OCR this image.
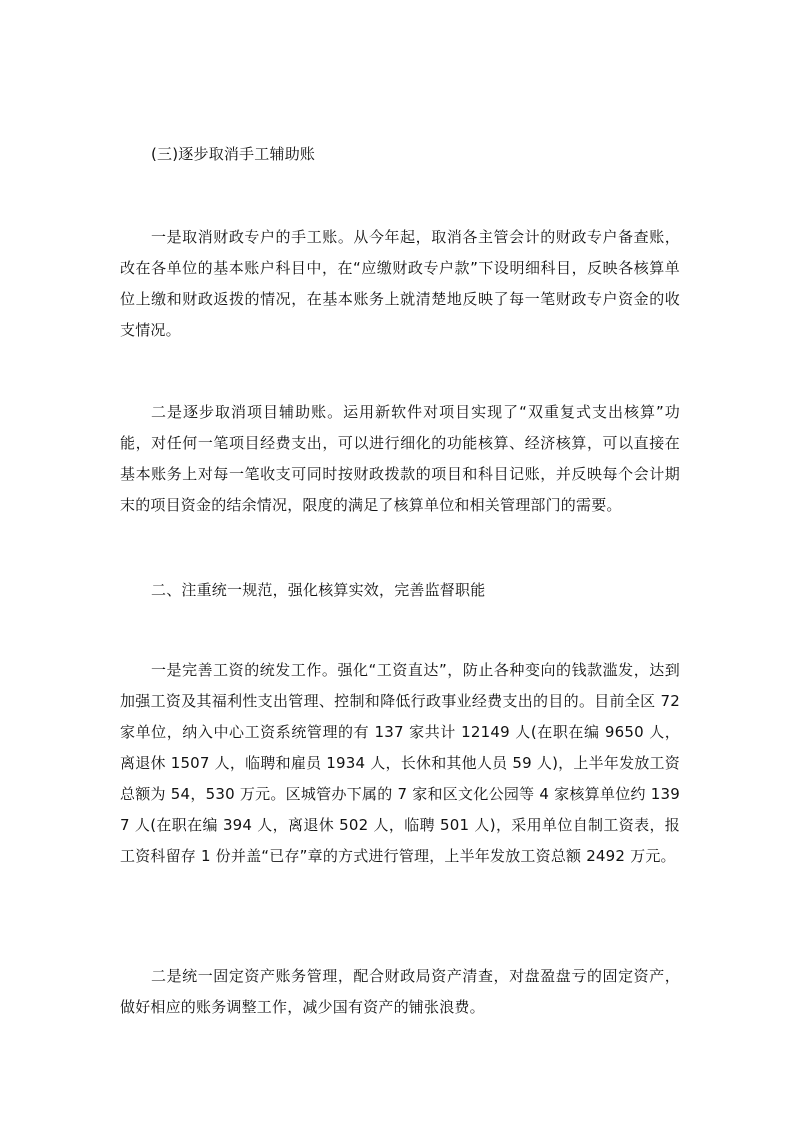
(三)逐步取消手工辅助账

一是取消财政专户的手工账。从今年起，取消各主管会计的财政专户备查账，改在各单位的基本账户科目中，在“应缴财政专户款”下设明细科目，反映各核算单位上缴和财政返拨的情况，在基本账务上就清楚地反映了每一笔财政专户资金的收支情况。

二是逐步取消项目辅助账。运用新软件对项目实现了“双重复式支出核算”功能，对任何一笔项目经费支出，可以进行细化的功能核算、经济核算，可以直接在基本账务上对每一笔收支可同时按财政拨款的项目和科目记账，并反映每个会计期末的项目资金的结余情况，限度的满足了核算单位和相关管理部门的需要。

二、注重统一规范，强化核算实效，完善监督职能

一是完善工资的统发工作。强化“工资直达”，防止各种变向的钱款滥发，达到加强工资及其福利性支出管理、控制和降低行政事业经费支出的目的。目前全区 72 家单位，纳入中心工资系统管理的有 137 家共计 12149 人(在职在编 9650 人，离退休 1507 人，临聘和雇员 1934 人，长休和其他人员 59 人)，上半年发放工资总额为 54，530 万元。区城管办下属的 7 家和区文化公园等 4 家核算单位约 1397 人(在职在编 394 人，离退休 502 人，临聘 501 人)，采用单位自制工资表，报工资科留存 1 份并盖“已存”章的方式进行管理，上半年发放工资总额 2492 万元。

二是统一固定资产账务管理，配合财政局资产清查，对盘盈盘亏的固定资产，做好相应的账务调整工作，减少国有资产的铺张浪费。
